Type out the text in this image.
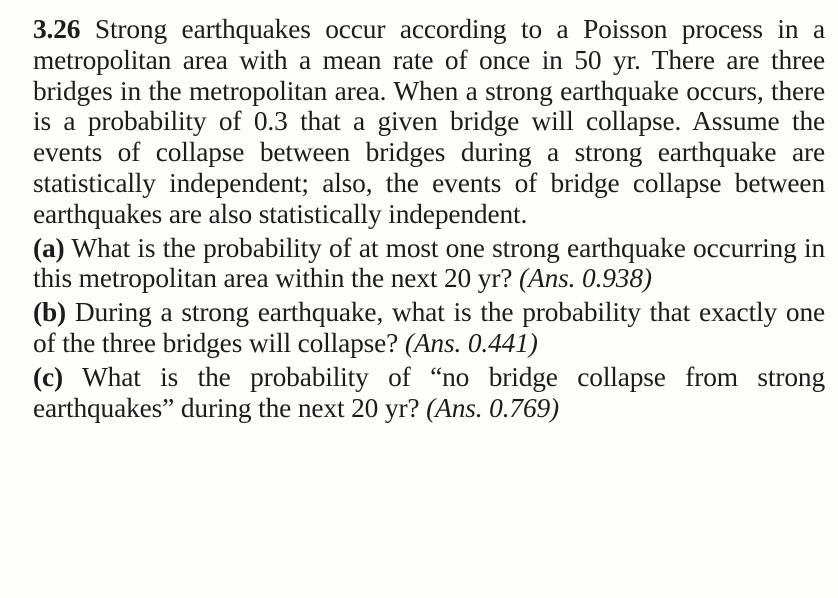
3.26 Strong earthquakes occur according to a Poisson process in a metropolitan area with a mean rate of once in 50 yr. There are three bridges in the metropolitan area. When a strong earthquake occurs, there is a probability of 0.3 that a given bridge will collapse. Assume the events of collapse between bridges during a strong earthquake are statistically independent; also, the events of bridge collapse between earthquakes are also statistically independent.

(a) What is the probability of at most one strong earthquake occurring in this metropolitan area within the next 20 yr? (Ans. 0.938)

(b) During a strong earthquake, what is the probability that exactly one of the three bridges will collapse? (Ans. 0.441)

(c) What is the probability of “no bridge collapse from strong earthquakes” during the next 20 yr? (Ans. 0.769)
